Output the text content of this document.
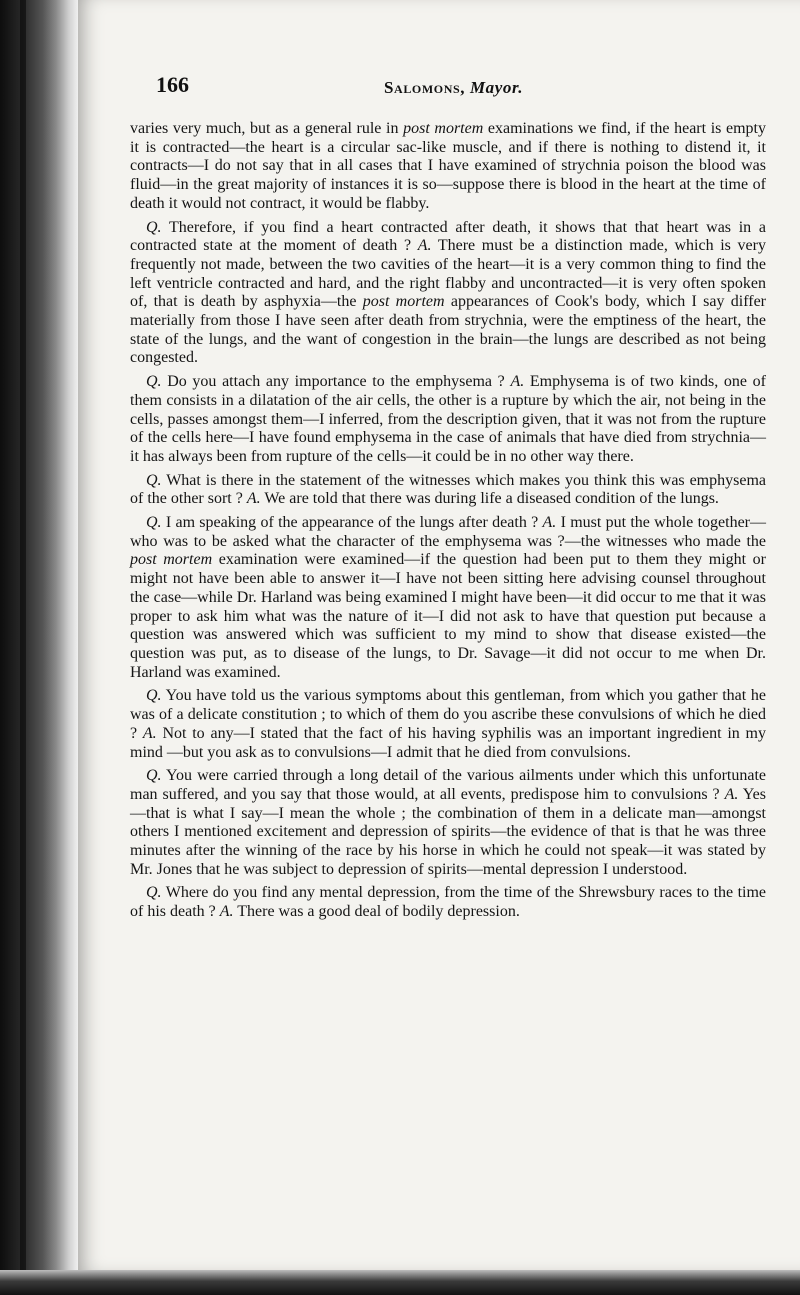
166	Salomons, Mayor.

varies very much, but as a general rule in post mortem examinations we find, if the heart is empty it is contracted—the heart is a circular sac-like muscle, and if there is nothing to distend it, it contracts—I do not say that in all cases that I have examined of strychnia poison the blood was fluid—in the great majority of instances it is so—suppose there is blood in the heart at the time of death it would not contract, it would be flabby.

Q. Therefore, if you find a heart contracted after death, it shows that that heart was in a contracted state at the moment of death ? A. There must be a distinction made, which is very frequently not made, between the two cavities of the heart—it is a very common thing to find the left ventricle contracted and hard, and the right flabby and uncontracted—it is very often spoken of, that is death by asphyxia—the post mortem appearances of Cook's body, which I say differ materially from those I have seen after death from strychnia, were the emptiness of the heart, the state of the lungs, and the want of congestion in the brain—the lungs are described as not being congested.

Q. Do you attach any importance to the emphysema ? A. Emphysema is of two kinds, one of them consists in a dilatation of the air cells, the other is a rupture by which the air, not being in the cells, passes amongst them—I inferred, from the description given, that it was not from the rupture of the cells here—I have found emphysema in the case of animals that have died from strychnia—it has always been from rupture of the cells—it could be in no other way there.

Q. What is there in the statement of the witnesses which makes you think this was emphysema of the other sort ? A. We are told that there was during life a diseased condition of the lungs.

Q. I am speaking of the appearance of the lungs after death ? A. I must put the whole together—who was to be asked what the character of the emphysema was ?—the witnesses who made the post mortem examination were examined—if the question had been put to them they might or might not have been able to answer it—I have not been sitting here advising counsel throughout the case—while Dr. Harland was being examined I might have been—it did occur to me that it was proper to ask him what was the nature of it—I did not ask to have that question put because a question was answered which was sufficient to my mind to show that disease existed—the question was put, as to disease of the lungs, to Dr. Savage—it did not occur to me when Dr. Harland was examined.

Q. You have told us the various symptoms about this gentleman, from which you gather that he was of a delicate constitution ; to which of them do you ascribe these convulsions of which he died ? A. Not to any—I stated that the fact of his having syphilis was an important ingredient in my mind —but you ask as to convulsions—I admit that he died from convulsions.

Q. You were carried through a long detail of the various ailments under which this unfortunate man suffered, and you say that those would, at all events, predispose him to convulsions ? A. Yes—that is what I say—I mean the whole ; the combination of them in a delicate man—amongst others I mentioned excitement and depression of spirits—the evidence of that is that he was three minutes after the winning of the race by his horse in which he could not speak—it was stated by Mr. Jones that he was subject to depression of spirits—mental depression I understood.

Q. Where do you find any mental depression, from the time of the Shrewsbury races to the time of his death ? A. There was a good deal of bodily depression.
